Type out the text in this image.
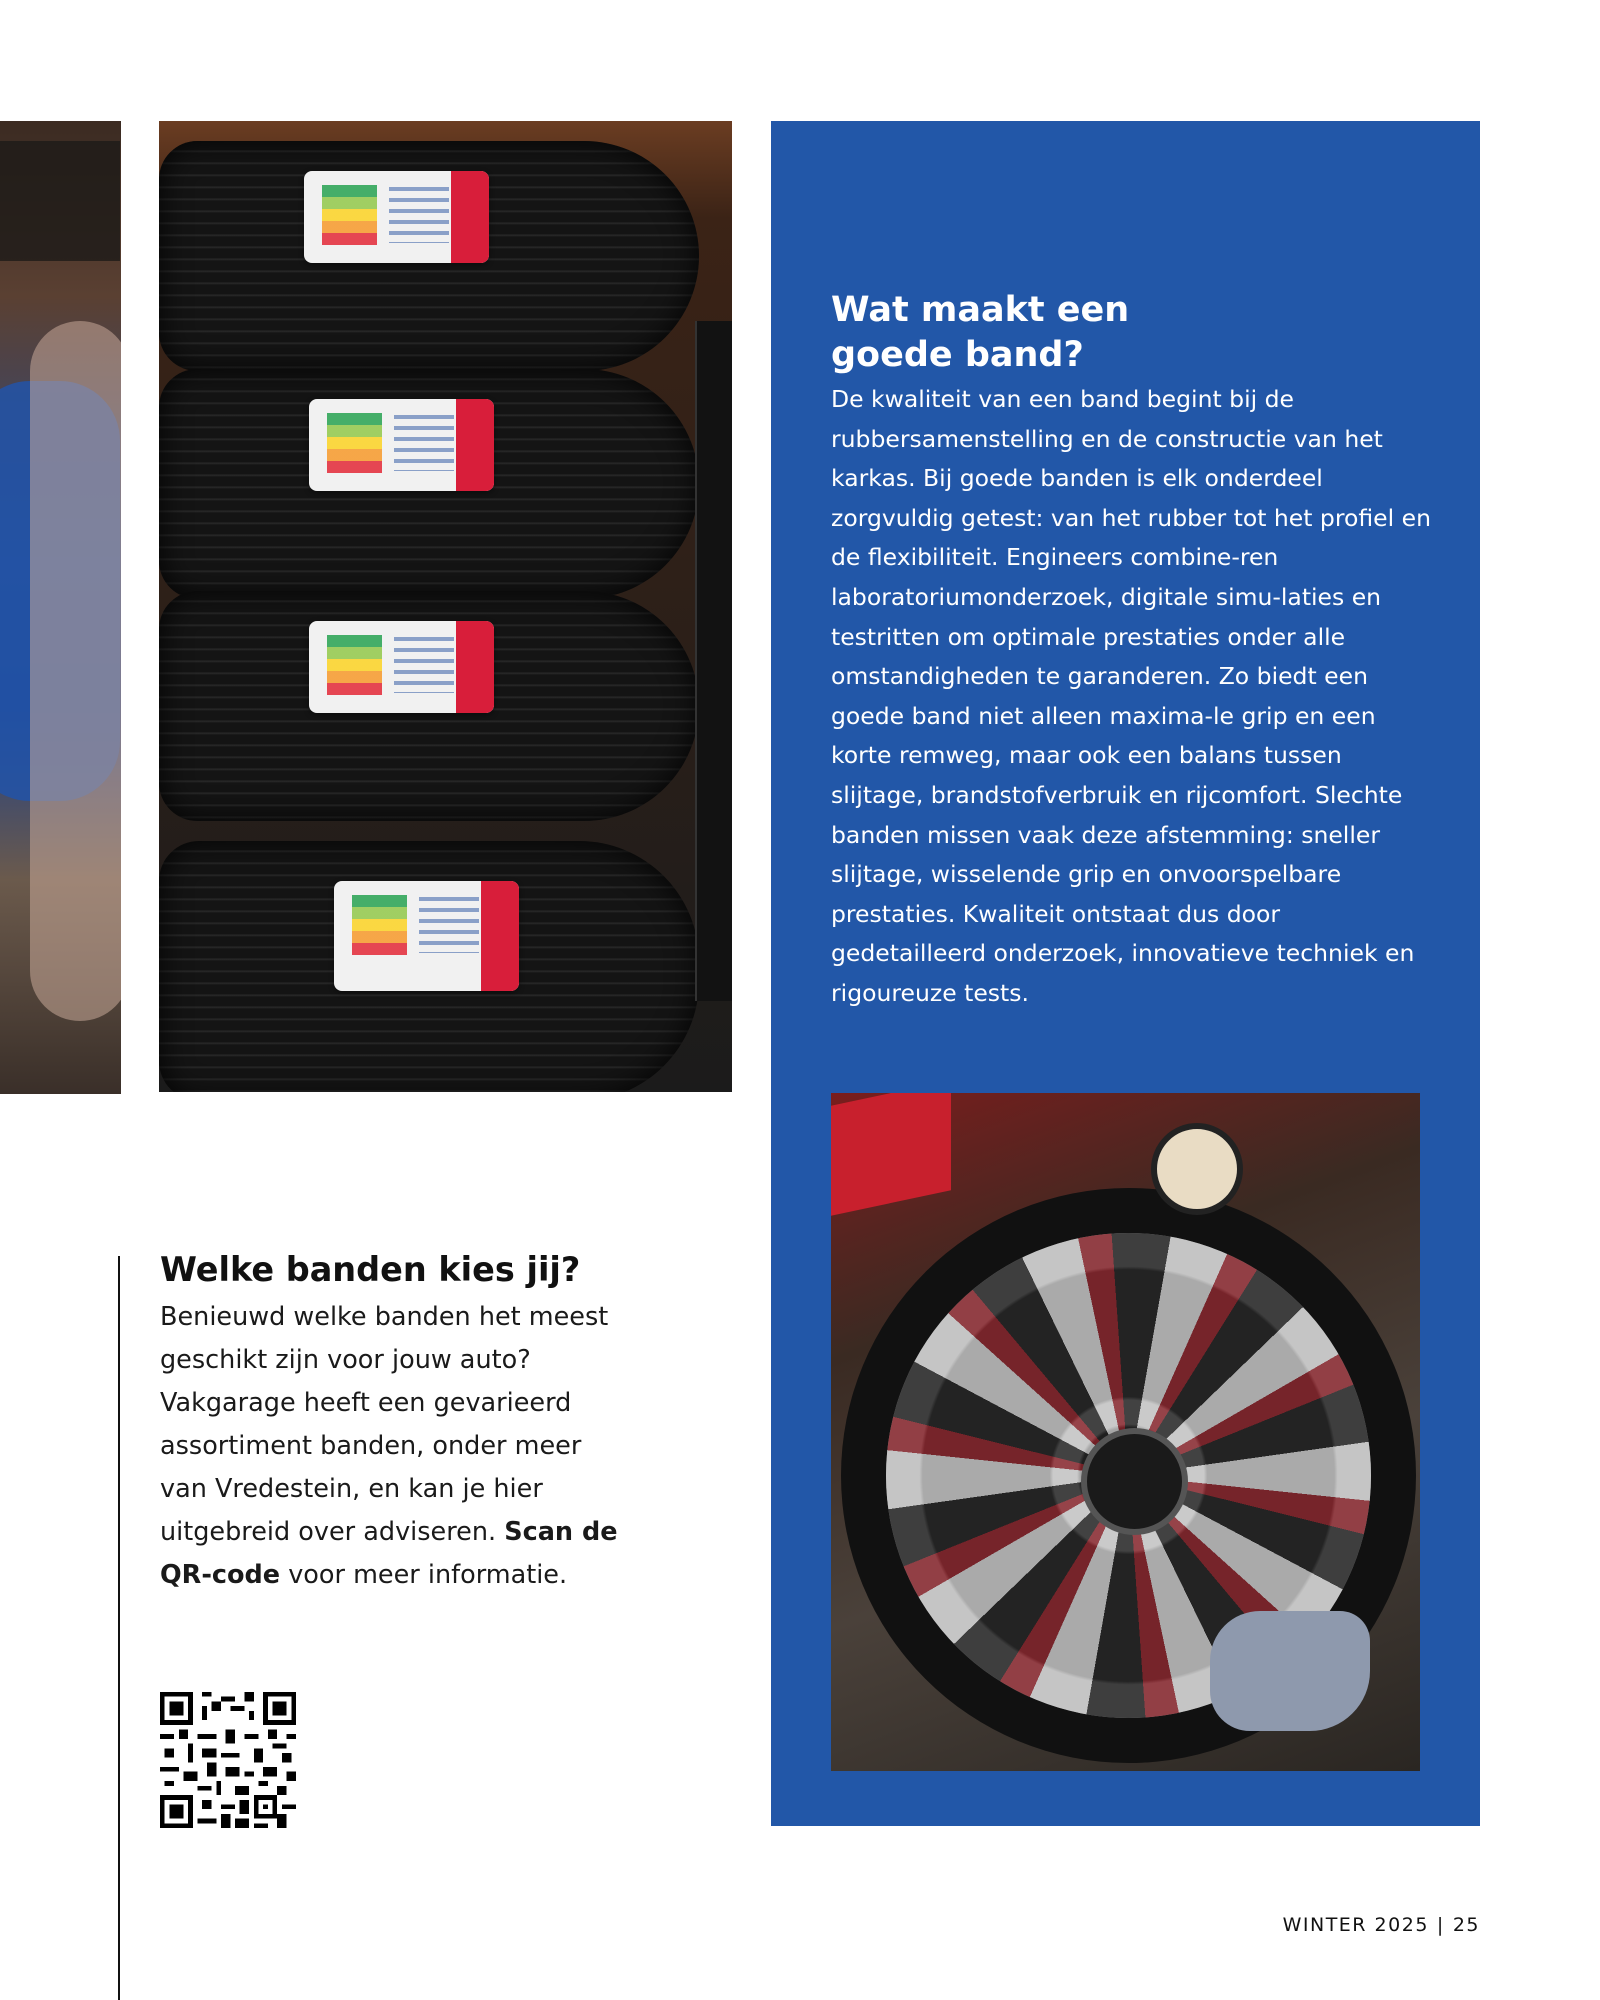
Wat maakt een
goede band?

De kwaliteit van een band begint bij de rubbersamenstelling en de constructie van het karkas. Bij goede banden is elk onderdeel zorgvuldig getest: van het rubber tot het profiel en de flexibiliteit. Engineers combine-ren laboratoriumonderzoek, digitale simu-laties en testritten om optimale prestaties onder alle omstandigheden te garanderen. Zo biedt een goede band niet alleen maxima-le grip en een korte remweg, maar ook een balans tussen slijtage, brandstofverbruik en rijcomfort. Slechte banden missen vaak deze afstemming: sneller slijtage, wisselende grip en onvoorspelbare prestaties. Kwaliteit ontstaat dus door gedetailleerd onderzoek, innovatieve techniek en rigoureuze tests.

Welke banden kies jij?

Benieuwd welke banden het meest geschikt zijn voor jouw auto? Vakgarage heeft een gevarieerd assortiment banden, onder meer van Vredestein, en kan je hier uitgebreid over adviseren. Scan de QR-code voor meer informatie.

WINTER 2025 | 25
